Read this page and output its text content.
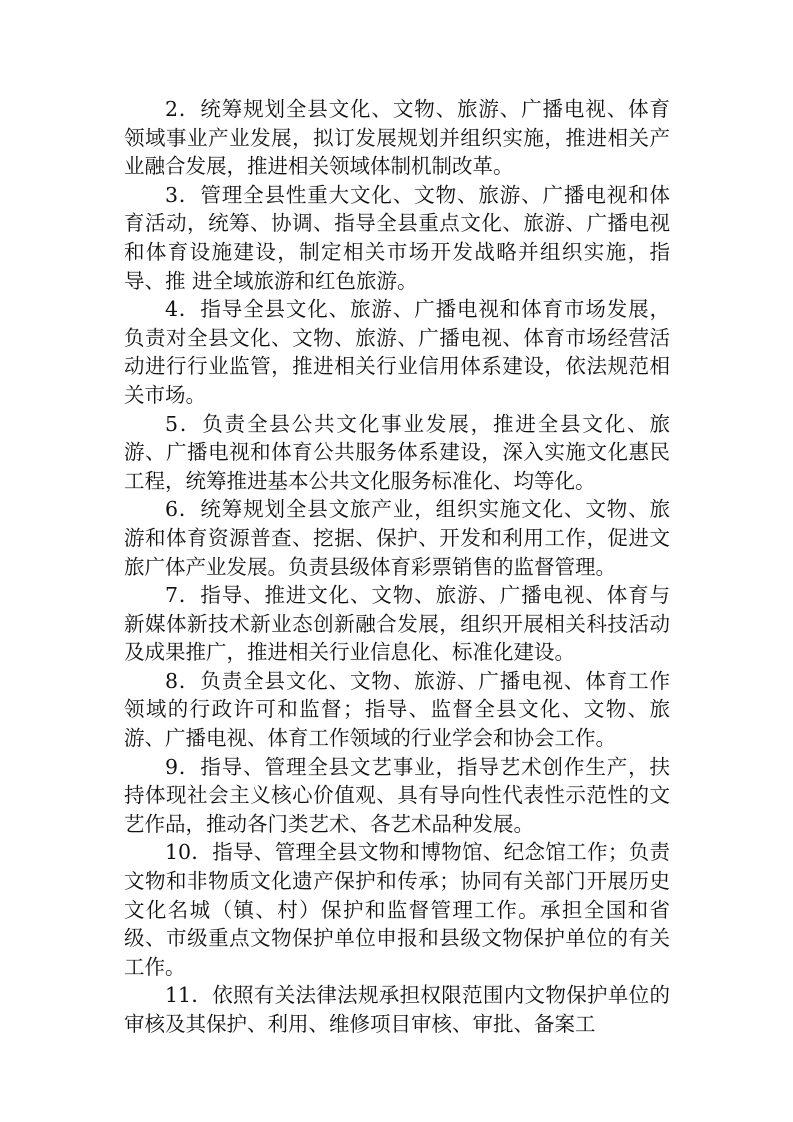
2．统筹规划全县文化、文物、旅游、广播电视、体育领域事业产业发展，拟订发展规划并组织实施，推进相关产业融合发展，推进相关领域体制机制改革。

3．管理全县性重大文化、文物、旅游、广播电视和体育活动，统筹、协调、指导全县重点文化、旅游、广播电视和体育设施建设，制定相关市场开发战略并组织实施，指导、推 进全域旅游和红色旅游。

4．指导全县文化、旅游、广播电视和体育市场发展，负责对全县文化、文物、旅游、广播电视、体育市场经营活动进行行业监管，推进相关行业信用体系建设，依法规范相关市场。

5．负责全县公共文化事业发展，推进全县文化、旅游、广播电视和体育公共服务体系建设，深入实施文化惠民工程，统筹推进基本公共文化服务标准化、均等化。

6．统筹规划全县文旅产业，组织实施文化、文物、旅游和体育资源普查、挖据、保护、开发和利用工作，促进文旅广体产业发展。负责县级体育彩票销售的监督管理。

7．指导、推进文化、文物、旅游、广播电视、体育与新媒体新技术新业态创新融合发展，组织开展相关科技活动及成果推广，推进相关行业信息化、标准化建设。

8．负责全县文化、文物、旅游、广播电视、体育工作领域的行政许可和监督；指导、监督全县文化、文物、旅游、广播电视、体育工作领域的行业学会和协会工作。

9．指导、管理全县文艺事业，指导艺术创作生产，扶持体现社会主义核心价值观、具有导向性代表性示范性的文艺作品，推动各门类艺术、各艺术品种发展。

10．指导、管理全县文物和博物馆、纪念馆工作；负责文物和非物质文化遗产保护和传承；协同有关部门开展历史文化名城（镇、村）保护和监督管理工作。承担全国和省级、市级重点文物保护单位申报和县级文物保护单位的有关工作。

11．依照有关法律法规承担权限范围内文物保护单位的审核及其保护、利用、维修项目审核、审批、备案工
